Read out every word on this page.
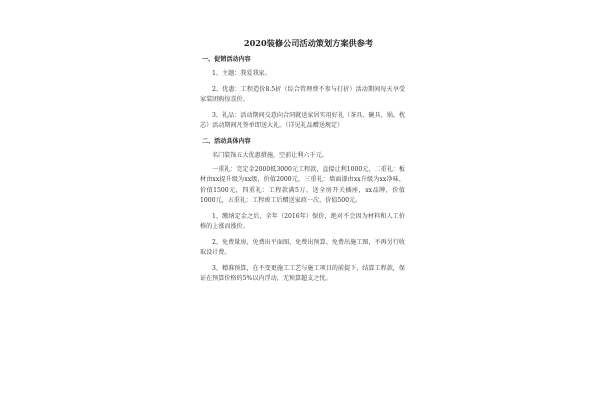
2020装修公司活动策划方案供参考
一、促销活动内容
1、主题：我爱我家。
2、优惠：工程造价8.5折（综合管理费不参与打折）活动期间每天享受家装团购惊喜价。
3、礼品：活动期间交意向合同就送家居实用好礼（茶具、碗具、锅、枕芯）活动期间凡签单即送大礼。（详见礼品赠送规定）
二、活动具体内容
名门装饰五大优惠措施，空前让利六千元。
一重礼：完定金2000抵3000元工程款，直接让利1000元，二重礼：板材由xx提升级为xx级，价值2000元，三重礼：墙面漆由xx升级为xx净味，价值1500元，四重礼：工程款满5万，送全房开关插座，xx品牌，价值1000元，五重礼：工程竣工后赠送家政一次，价值500元。
1、缴纳定金之后，全年（2016年）保价，绝对不会因为材料和人工价格的上涨而涨价。
2、免费量房、免费出平面图、免费出预算、免费出施工图，不再另行收取设计费。
3、精准预算，在不变更施工工艺与施工项目的前提下，结算工程款，保证在预算价格的5%以内浮动，无预算超支之忧。
